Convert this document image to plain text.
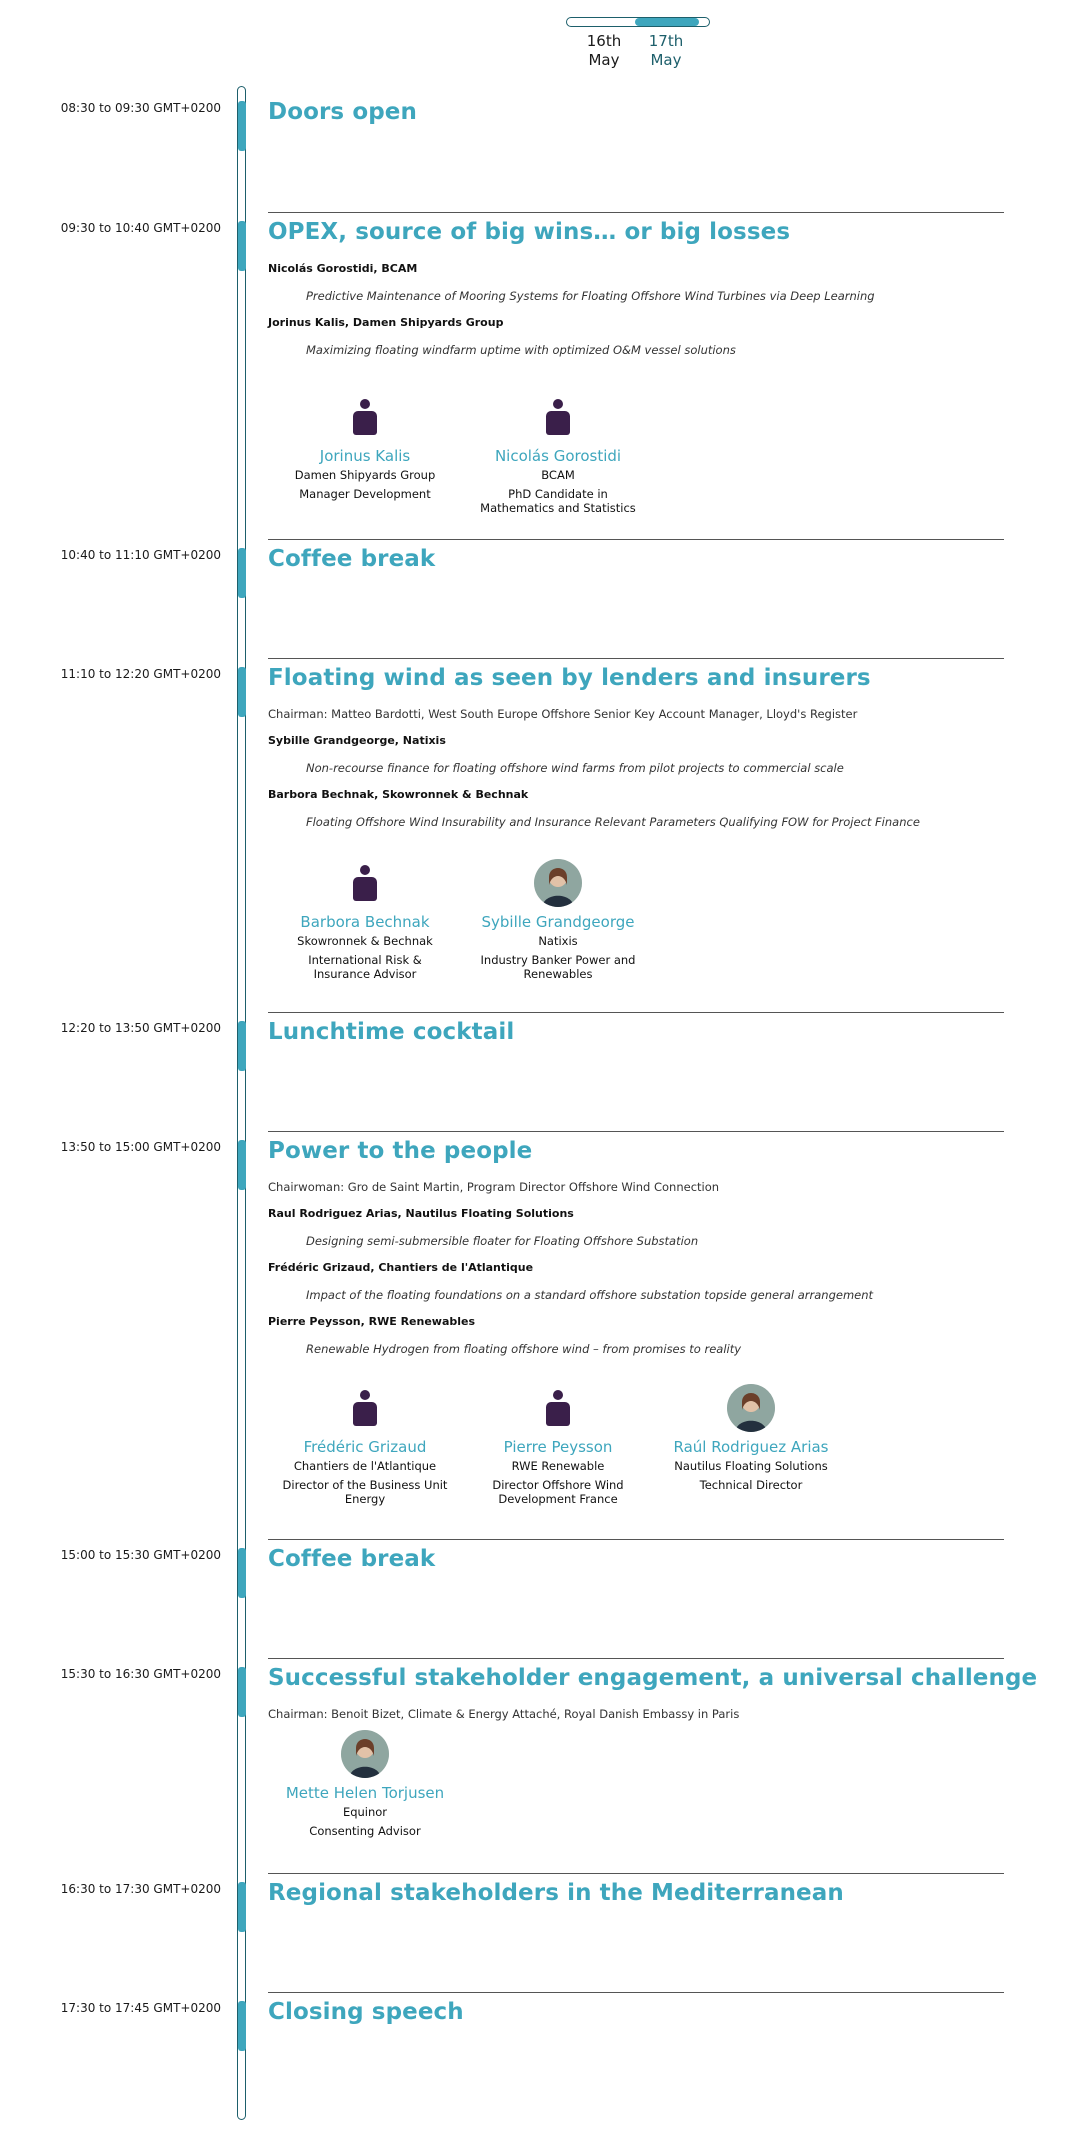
16th
May
17th
May
08:30 to 09:30 GMT+0200 Doors open
09:30 to 10:40 GMT+0200 OPEX, source of big wins… or big losses
Nicolás Gorostidi, BCAM
Predictive Maintenance of Mooring Systems for Floating Offshore Wind Turbines via Deep Learning
Jorinus Kalis, Damen Shipyards Group
Maximizing floating windfarm uptime with optimized O&M vessel solutions
Jorinus Kalis
Damen Shipyards Group
Manager Development
Nicolás Gorostidi
BCAM
PhD Candidate in Mathematics and Statistics
10:40 to 11:10 GMT+0200 Coffee break
11:10 to 12:20 GMT+0200 Floating wind as seen by lenders and insurers
Chairman: Matteo Bardotti, West South Europe Offshore Senior Key Account Manager, Lloyd's Register
Sybille Grandgeorge, Natixis
Non-recourse finance for floating offshore wind farms from pilot projects to commercial scale
Barbora Bechnak, Skowronnek & Bechnak
Floating Offshore Wind Insurability and Insurance Relevant Parameters Qualifying FOW for Project Finance
Barbora Bechnak
Skowronnek & Bechnak
International Risk & Insurance Advisor
Sybille Grandgeorge
Natixis
Industry Banker Power and Renewables
12:20 to 13:50 GMT+0200 Lunchtime cocktail
13:50 to 15:00 GMT+0200 Power to the people
Chairwoman: Gro de Saint Martin, Program Director Offshore Wind Connection
Raul Rodriguez Arias, Nautilus Floating Solutions
Designing semi-submersible floater for Floating Offshore Substation
Frédéric Grizaud, Chantiers de l'Atlantique
Impact of the floating foundations on a standard offshore substation topside general arrangement
Pierre Peysson, RWE Renewables
Renewable Hydrogen from floating offshore wind – from promises to reality
Frédéric Grizaud
Chantiers de l'Atlantique
Director of the Business Unit Energy
Pierre Peysson
RWE Renewable
Director Offshore Wind Development France
Raúl Rodriguez Arias
Nautilus Floating Solutions
Technical Director
15:00 to 15:30 GMT+0200 Coffee break
15:30 to 16:30 GMT+0200 Successful stakeholder engagement, a universal challenge
Chairman: Benoit Bizet, Climate & Energy Attaché, Royal Danish Embassy in Paris
Mette Helen Torjusen
Equinor
Consenting Advisor
16:30 to 17:30 GMT+0200 Regional stakeholders in the Mediterranean
17:30 to 17:45 GMT+0200 Closing speech
